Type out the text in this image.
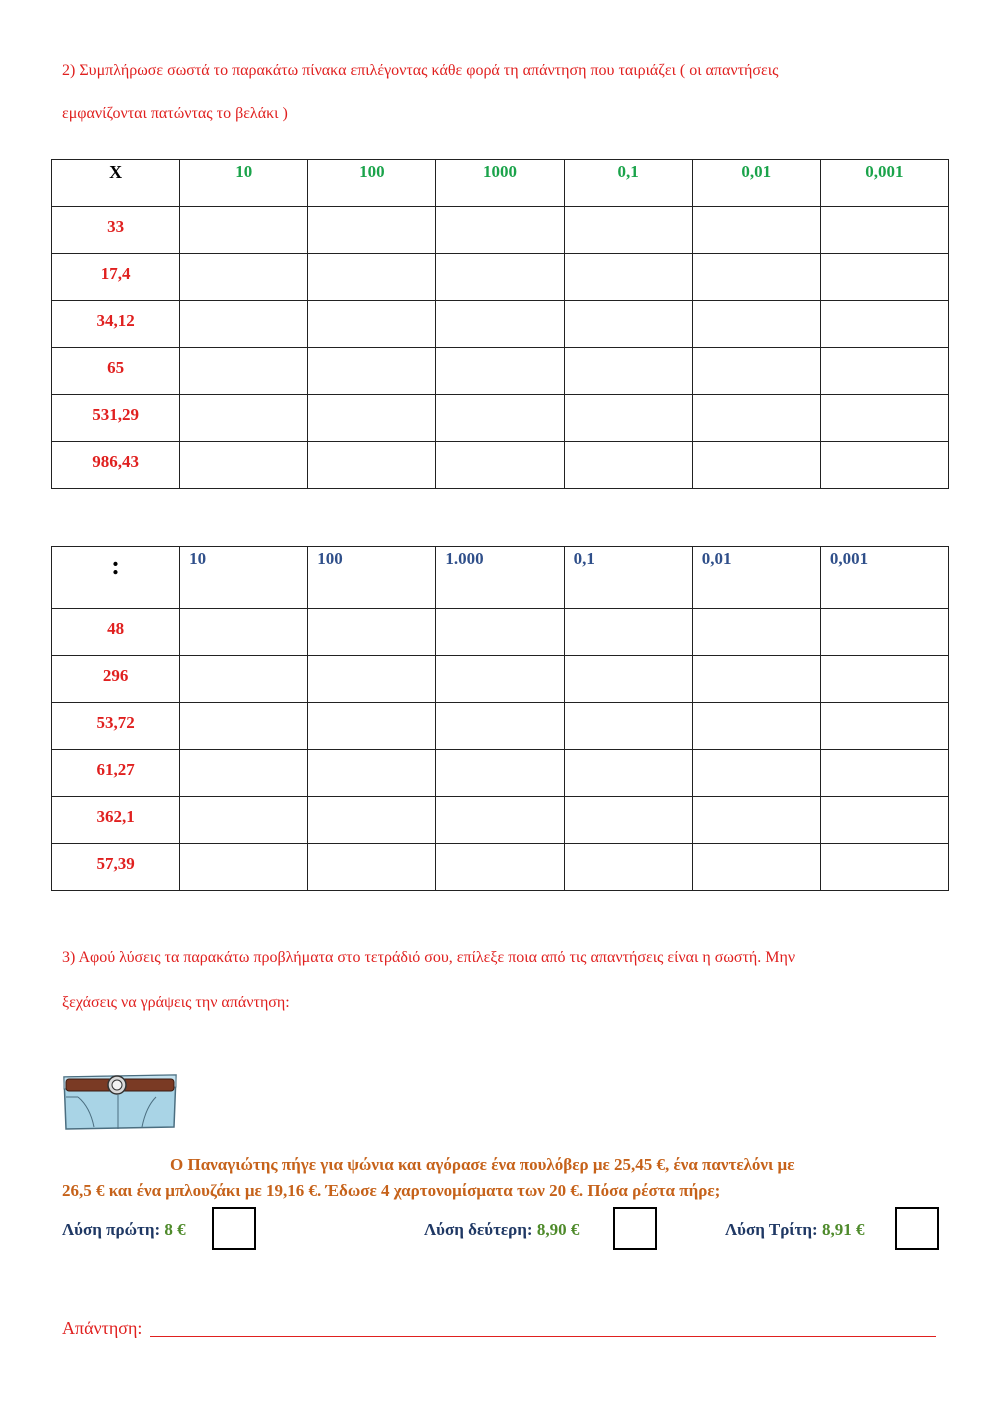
2) Συμπλήρωσε σωστά το παρακάτω πίνακα επιλέγοντας κάθε φορά τη απάντηση που ταιριάζει ( οι απαντήσεις
εμφανίζονται πατώντας το βελάκι )
Χ	10	100	1000	0,1	0,01	0,001
33						
17,4						
34,12						
65						
531,29						
986,43						
:	10	100	1.000	0,1	0,01	0,001
48						
296						
53,72						
61,27						
362,1						
57,39						
3) Αφού λύσεις τα παρακάτω προβλήματα στο τετράδιό σου, επίλεξε ποια από τις απαντήσεις είναι η σωστή. Μην
ξεχάσεις να γράψεις την απάντηση:
Ο Παναγιώτης πήγε για ψώνια και αγόρασε ένα πουλόβερ με 25,45 €, ένα παντελόνι με
26,5 € και ένα μπλουζάκι με 19,16 €. Έδωσε 4 χαρτονομίσματα των 20 €. Πόσα ρέστα πήρε;
Λύση πρώτη: 8 €	Λύση δεύτερη: 8,90 €	Λύση Τρίτη: 8,91 €
Απάντηση:
